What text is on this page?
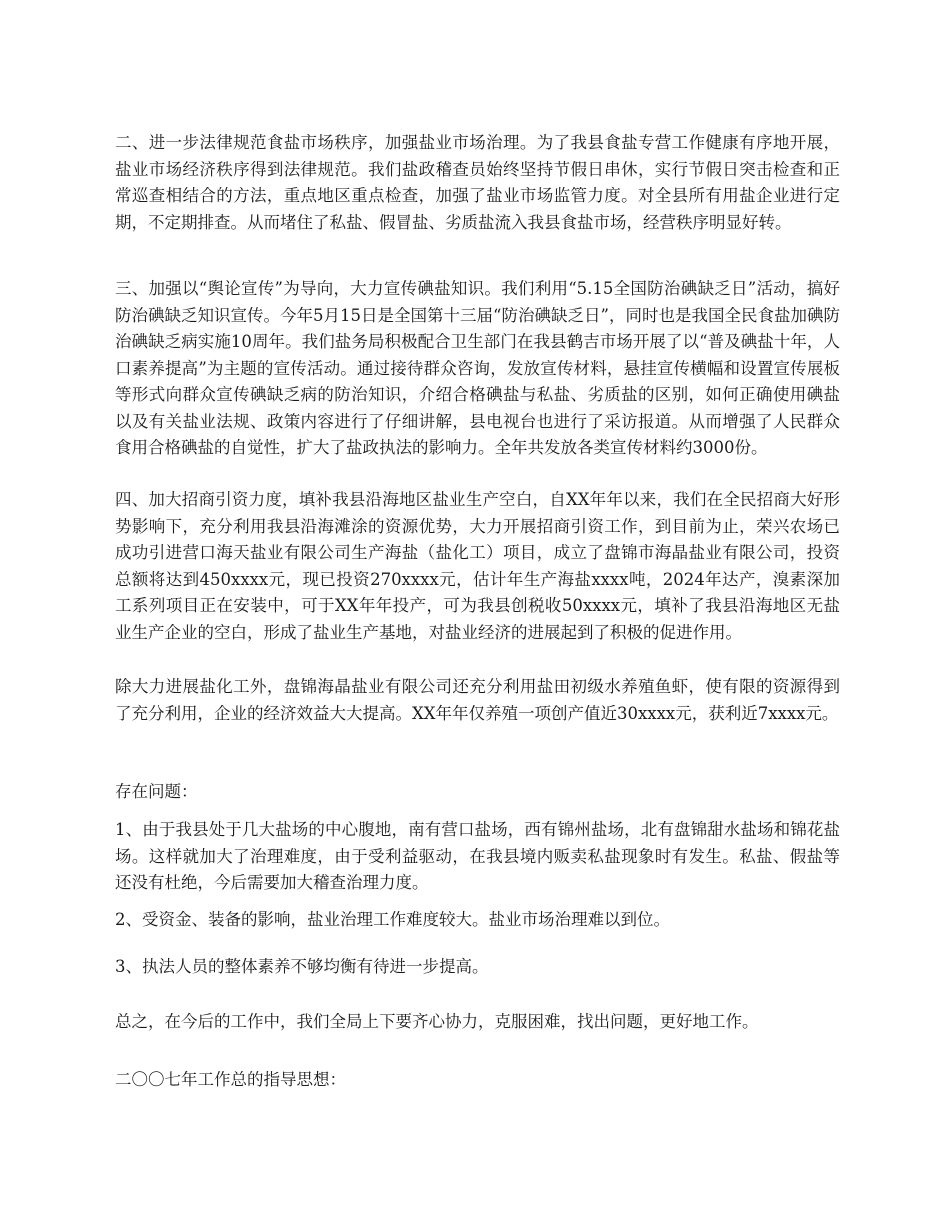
二、进一步法律规范食盐市场秩序，加强盐业市场治理。为了我县食盐专营工作健康有序地开展，盐业市场经济秩序得到法律规范。我们盐政稽查员始终坚持节假日串休，实行节假日突击检查和正常巡查相结合的方法，重点地区重点检查，加强了盐业市场监管力度。对全县所有用盐企业进行定期，不定期排查。从而堵住了私盐、假冒盐、劣质盐流入我县食盐市场，经营秩序明显好转。

三、加强以“舆论宣传”为导向，大力宣传碘盐知识。我们利用“5.15全国防治碘缺乏日”活动，搞好防治碘缺乏知识宣传。今年5月15日是全国第十三届“防治碘缺乏日”，同时也是我国全民食盐加碘防治碘缺乏病实施10周年。我们盐务局积极配合卫生部门在我县鹤吉市场开展了以“普及碘盐十年，人口素养提高”为主题的宣传活动。通过接待群众咨询，发放宣传材料，悬挂宣传横幅和设置宣传展板等形式向群众宣传碘缺乏病的防治知识，介绍合格碘盐与私盐、劣质盐的区别，如何正确使用碘盐以及有关盐业法规、政策内容进行了仔细讲解，县电视台也进行了采访报道。从而增强了人民群众食用合格碘盐的自觉性，扩大了盐政执法的影响力。全年共发放各类宣传材料约3000份。

四、加大招商引资力度，填补我县沿海地区盐业生产空白，自XX年年以来，我们在全民招商大好形势影响下，充分利用我县沿海滩涂的资源优势，大力开展招商引资工作，到目前为止，荣兴农场已成功引进营口海天盐业有限公司生产海盐（盐化工）项目，成立了盘锦市海晶盐业有限公司，投资总额将达到450xxxx元，现已投资270xxxx元，估计年生产海盐xxxx吨，2024年达产，溴素深加工系列项目正在安装中，可于XX年年投产，可为我县创税收50xxxx元，填补了我县沿海地区无盐业生产企业的空白，形成了盐业生产基地，对盐业经济的进展起到了积极的促进作用。

除大力进展盐化工外，盘锦海晶盐业有限公司还充分利用盐田初级水养殖鱼虾，使有限的资源得到了充分利用，企业的经济效益大大提高。XX年年仅养殖一项创产值近30xxxx元，获利近7xxxx元。

存在问题：

1、由于我县处于几大盐场的中心腹地，南有营口盐场，西有锦州盐场，北有盘锦甜水盐场和锦花盐场。这样就加大了治理难度，由于受利益驱动，在我县境内贩卖私盐现象时有发生。私盐、假盐等还没有杜绝，今后需要加大稽查治理力度。

2、受资金、装备的影响，盐业治理工作难度较大。盐业市场治理难以到位。

3、执法人员的整体素养不够均衡有待进一步提高。

总之，在今后的工作中，我们全局上下要齐心协力，克服困难，找出问题，更好地工作。

二〇〇七年工作总的指导思想：
